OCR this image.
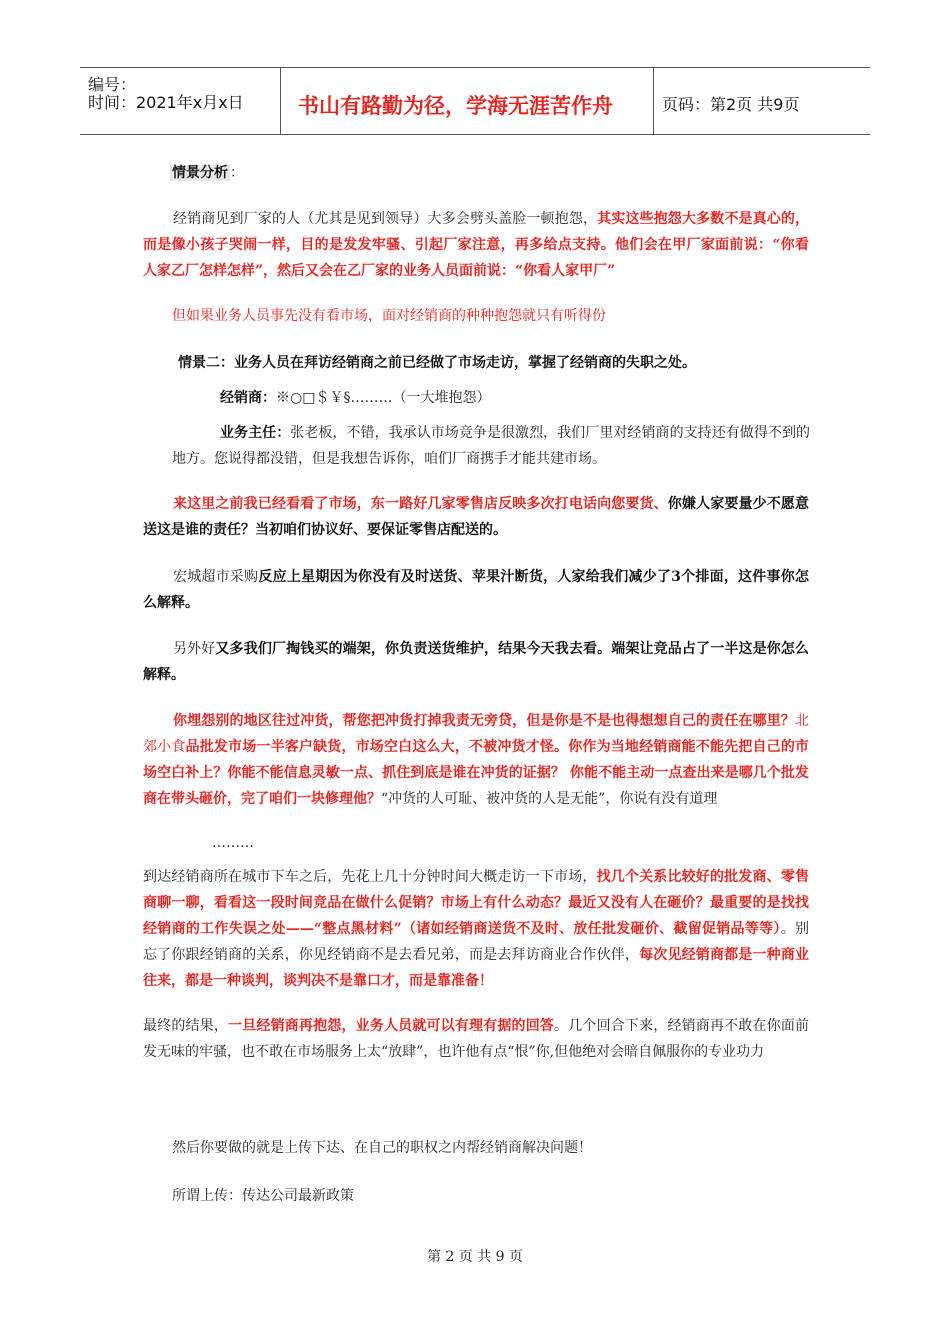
编号：
时间：2021年x月x日	书山有路勤为径，学海无涯苦作舟	页码：第2页 共9页
情景分析 ：
经销商见到厂家的人（尤其是见到领导）大多会劈头盖脸一顿抱怨，其实这些抱怨大多数不是真心的，而是像小孩子哭闹一样，目的是发发牢骚、引起厂家注意，再多给点支持。他们会在甲厂家面前说：“你看人家乙厂怎样怎样”，然后又会在乙厂家的业务人员面前说：“你看人家甲厂”
但如果业务人员事先没有看市场，面对经销商的种种抱怨就只有听得份
情景二：业务人员在拜访经销商之前已经做了市场走访，掌握了经销商的失职之处。
经销商：※○□＄￥§………（一大堆抱怨）
业务主任：张老板，不错，我承认市场竞争是很激烈，我们厂里对经销商的支持还有做得不到的地方。您说得都没错，但是我想告诉你，咱们厂商携手才能共建市场。
来这里之前我已经看看了市场，东一路好几家零售店反映多次打电话向您要货、你嫌人家要量少不愿意送这是谁的责任？当初咱们协议好、要保证零售店配送的。
宏城超市采购反应上星期因为你没有及时送货、苹果汁断货，人家给我们减少了3个排面，这件事你怎么解释。
另外好又多我们厂掏钱买的端架，你负责送货维护，结果今天我去看。端架让竞品占了一半这是你怎么解释。
你埋怨别的地区往过冲货，帮您把冲货打掉我责无旁贷，但是你是不是也得想想自己的责任在哪里？北郊小食品批发市场一半客户缺货，市场空白这么大，不被冲货才怪。你作为当地经销商能不能先把自己的市场空白补上？你能不能信息灵敏一点、抓住到底是谁在冲货的证据？ 你能不能主动一点查出来是哪几个批发商在带头砸价，完了咱们一块修理他？“冲货的人可耻、被冲货的人是无能”，你说有没有道理
………
到达经销商所在城市下车之后，先花上几十分钟时间大概走访一下市场，找几个关系比较好的批发商、零售商聊一聊，看看这一段时间竞品在做什么促销？市场上有什么动态？最近又没有人在砸价？最重要的是找找经销商的工作失误之处——“整点黑材料”（诸如经销商送货不及时、放任批发砸价、截留促销品等等）。别忘了你跟经销商的关系，你见经销商不是去看兄弟，而是去拜访商业合作伙伴，每次见经销商都是一种商业往来，都是一种谈判，谈判决不是靠口才，而是靠准备！
最终的结果，一旦经销商再抱怨，业务人员就可以有理有据的回答。几个回合下来，经销商再不敢在你面前发无味的牢骚，也不敢在市场服务上太“放肆”，也许他有点“恨”你,但他绝对会暗自佩服你的专业功力
然后你要做的就是上传下达、在自己的职权之内帮经销商解决问题！
所谓上传：传达公司最新政策
第 2 页 共 9 页
